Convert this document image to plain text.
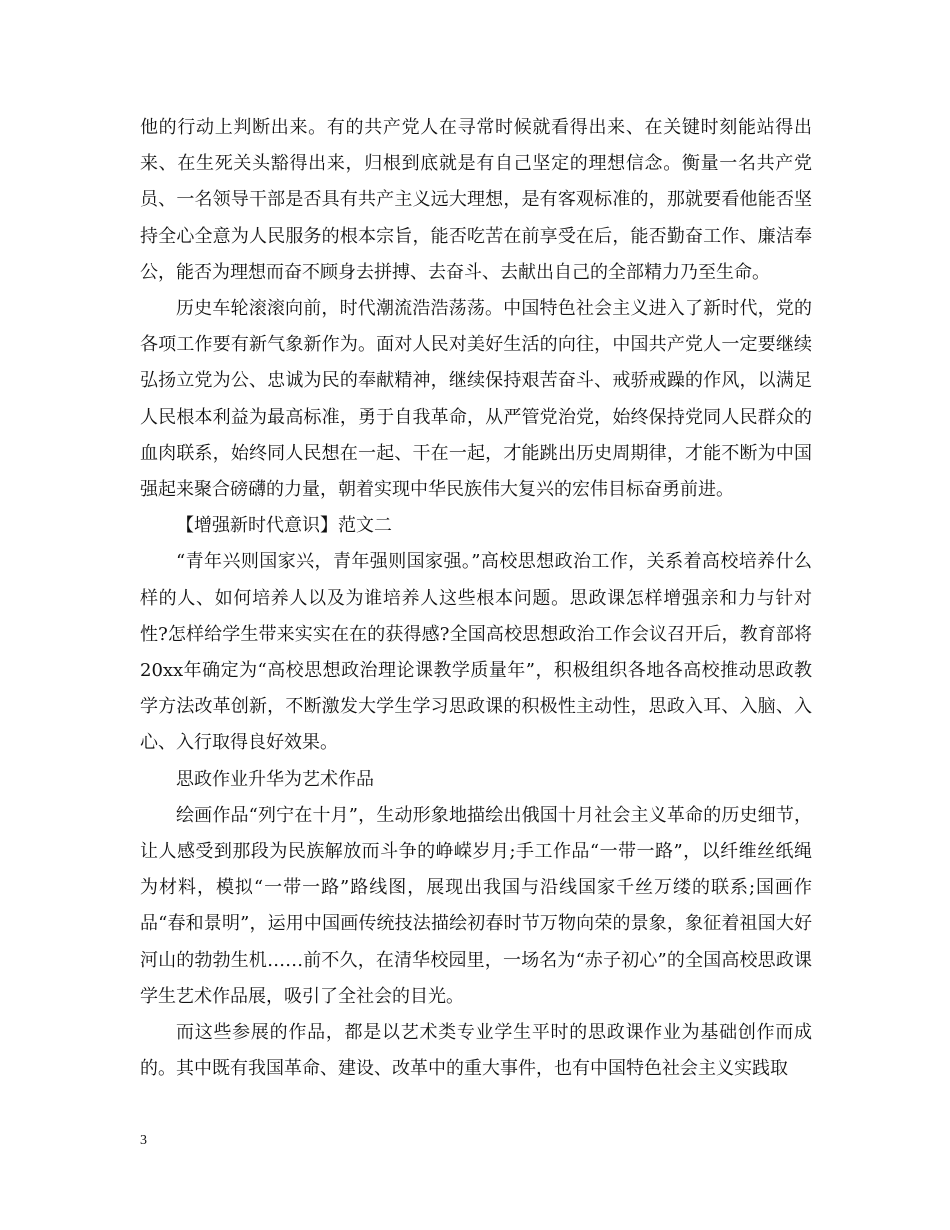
他的行动上判断出来。有的共产党人在寻常时候就看得出来、在关键时刻能站得出来、在生死关头豁得出来，归根到底就是有自己坚定的理想信念。衡量一名共产党员、一名领导干部是否具有共产主义远大理想，是有客观标准的，那就要看他能否坚持全心全意为人民服务的根本宗旨，能否吃苦在前享受在后，能否勤奋工作、廉洁奉公，能否为理想而奋不顾身去拼搏、去奋斗、去献出自己的全部精力乃至生命。

历史车轮滚滚向前，时代潮流浩浩荡荡。中国特色社会主义进入了新时代，党的各项工作要有新气象新作为。面对人民对美好生活的向往，中国共产党人一定要继续弘扬立党为公、忠诚为民的奉献精神，继续保持艰苦奋斗、戒骄戒躁的作风，以满足人民根本利益为最高标准，勇于自我革命，从严管党治党，始终保持党同人民群众的血肉联系，始终同人民想在一起、干在一起，才能跳出历史周期律，才能不断为中国强起来聚合磅礴的力量，朝着实现中华民族伟大复兴的宏伟目标奋勇前进。

【增强新时代意识】范文二

“青年兴则国家兴，青年强则国家强。”高校思想政治工作，关系着高校培养什么样的人、如何培养人以及为谁培养人这些根本问题。思政课怎样增强亲和力与针对性?怎样给学生带来实实在在的获得感?全国高校思想政治工作会议召开后，教育部将20xx年确定为“高校思想政治理论课教学质量年”，积极组织各地各高校推动思政教学方法改革创新，不断激发大学生学习思政课的积极性主动性，思政入耳、入脑、入心、入行取得良好效果。

思政作业升华为艺术作品

绘画作品“列宁在十月”，生动形象地描绘出俄国十月社会主义革命的历史细节，让人感受到那段为民族解放而斗争的峥嵘岁月;手工作品“一带一路”，以纤维丝纸绳为材料，模拟“一带一路”路线图，展现出我国与沿线国家千丝万缕的联系;国画作品“春和景明”，运用中国画传统技法描绘初春时节万物向荣的景象，象征着祖国大好河山的勃勃生机……前不久，在清华校园里，一场名为“赤子初心”的全国高校思政课学生艺术作品展，吸引了全社会的目光。

而这些参展的作品，都是以艺术类专业学生平时的思政课作业为基础创作而成的。其中既有我国革命、建设、改革中的重大事件，也有中国特色社会主义实践取

3
